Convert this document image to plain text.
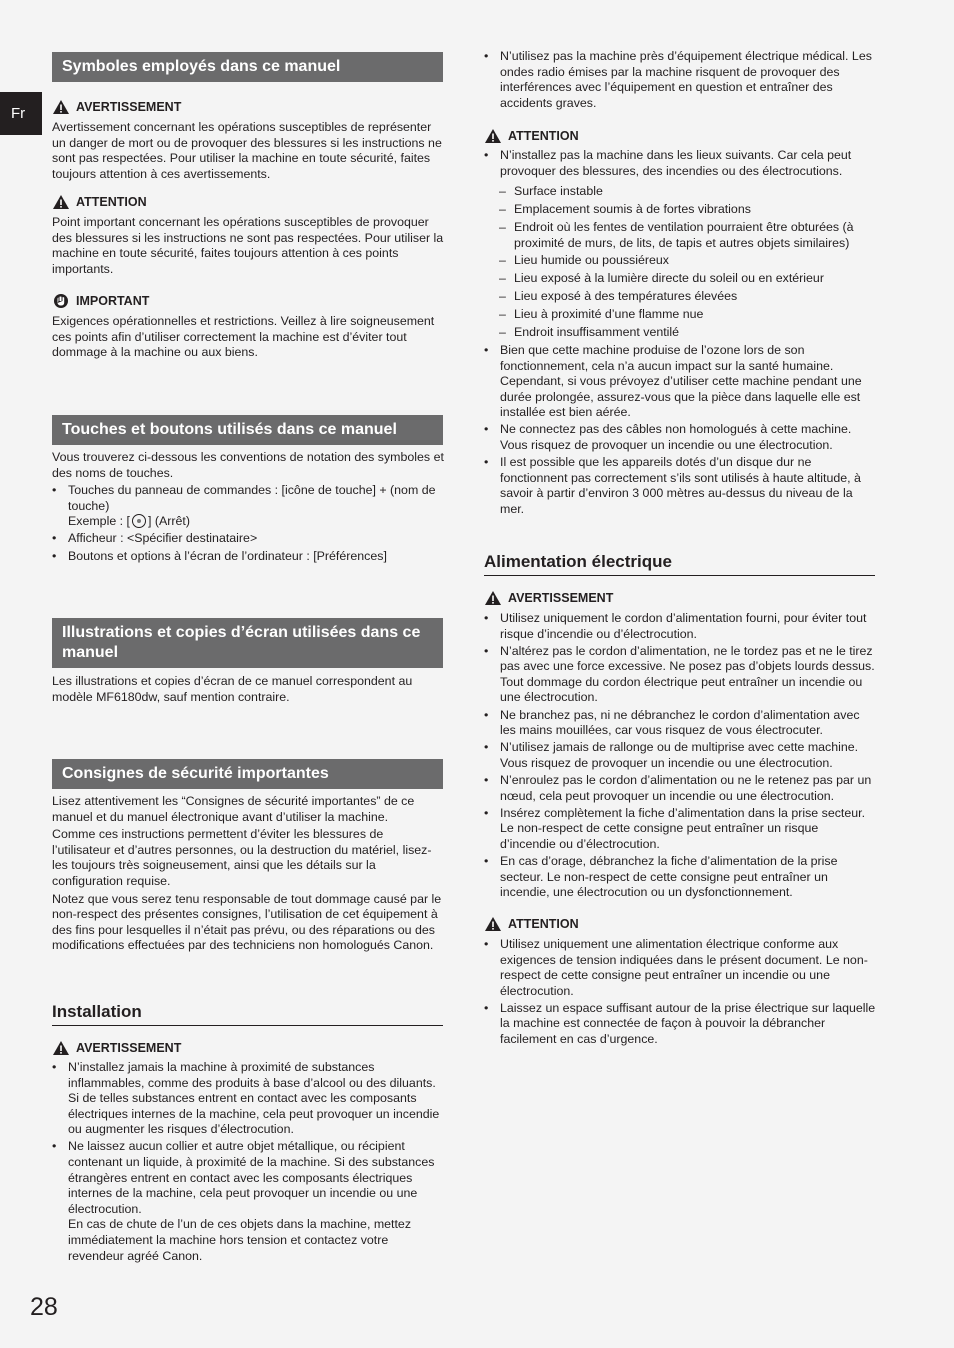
Fr
Symboles employés dans ce manuel
AVERTISSEMENT
Avertissement concernant les opérations susceptibles de représenter un danger de mort ou de provoquer des blessures si les instructions ne sont pas respectées. Pour utiliser la machine en toute sécurité, faites toujours attention à ces avertissements.
ATTENTION
Point important concernant les opérations susceptibles de provoquer des blessures si les instructions ne sont pas respectées. Pour utiliser la machine en toute sécurité, faites toujours attention à ces points importants.
IMPORTANT
Exigences opérationnelles et restrictions. Veillez à lire soigneusement ces points afin d’utiliser correctement la machine est d’éviter tout dommage à la machine ou aux biens.
Touches et boutons utilisés dans ce manuel

Vous trouverez ci-dessous les conventions de notation des symboles et des noms de touches.

• Touches du panneau de commandes : [icône de touche] + (nom de touche)
Exemple : [ ] (Arrêt)
• Afficheur : <Spécifier destinataire>
• Boutons et options à l’écran de l’ordinateur : [Préférences]
Illustrations et copies d’écran utilisées dans ce manuel
Les illustrations et copies d’écran de ce manuel correspondent au modèle MF6180dw, sauf mention contraire.
Consignes de sécurité importantes

Lisez attentivement les “Consignes de sécurité importantes” de ce manuel et du manuel électronique avant d’utiliser la machine.

Comme ces instructions permettent d’éviter les blessures de l’utilisateur et d’autres personnes, ou la destruction du matériel, lisez-les toujours très soigneusement, ainsi que les détails sur la configuration requise.

Notez que vous serez tenu responsable de tout dommage causé par le non-respect des présentes consignes, l’utilisation de cet équipement à des fins pour lesquelles il n’était pas prévu, ou des réparations ou des modifications effectuées par des techniciens non homologués Canon.

Installation
AVERTISSEMENT
• N’installez jamais la machine à proximité de substances inflammables, comme des produits à base d’alcool ou des diluants. Si de telles substances entrent en contact avec les composants électriques internes de la machine, cela peut provoquer un incendie ou augmenter les risques d’électrocution.
• Ne laissez aucun collier et autre objet métallique, ou récipient contenant un liquide, à proximité de la machine. Si des substances étrangères entrent en contact avec les composants électriques internes de la machine, cela peut provoquer un incendie ou une électrocution.
En cas de chute de l’un de ces objets dans la machine, mettez immédiatement la machine hors tension et contactez votre revendeur agréé Canon.
• N’utilisez pas la machine près d’équipement électrique médical. Les ondes radio émises par la machine risquent de provoquer des interférences avec l’équipement en question et entraîner des accidents graves.
ATTENTION
• N’installez pas la machine dans les lieux suivants. Car cela peut provoquer des blessures, des incendies ou des électrocutions.
– Surface instable
– Emplacement soumis à de fortes vibrations
– Endroit où les fentes de ventilation pourraient être obturées (à proximité de murs, de lits, de tapis et autres objets similaires)
– Lieu humide ou poussiéreux
– Lieu exposé à la lumière directe du soleil ou en extérieur
– Lieu exposé à des températures élevées
– Lieu à proximité d’une flamme nue
– Endroit insuffisamment ventilé
• Bien que cette machine produise de l’ozone lors de son fonctionnement, cela n’a aucun impact sur la santé humaine. Cependant, si vous prévoyez d’utiliser cette machine pendant une durée prolongée, assurez-vous que la pièce dans laquelle elle est installée est bien aérée.
• Ne connectez pas des câbles non homologués à cette machine. Vous risquez de provoquer un incendie ou une électrocution.
• Il est possible que les appareils dotés d’un disque dur ne fonctionnent pas correctement s’ils sont utilisés à haute altitude, à savoir à partir d’environ 3 000 mètres au-dessus du niveau de la mer.
Alimentation électrique
AVERTISSEMENT
• Utilisez uniquement le cordon d’alimentation fourni, pour éviter tout risque d’incendie ou d’électrocution.
• N’altérez pas le cordon d’alimentation, ne le tordez pas et ne le tirez pas avec une force excessive. Ne posez pas d’objets lourds dessus. Tout dommage du cordon électrique peut entraîner un incendie ou une électrocution.
• Ne branchez pas, ni ne débranchez le cordon d’alimentation avec les mains mouillées, car vous risquez de vous électrocuter.
• N’utilisez jamais de rallonge ou de multiprise avec cette machine. Vous risquez de provoquer un incendie ou une électrocution.
• N’enroulez pas le cordon d’alimentation ou ne le retenez pas par un nœud, cela peut provoquer un incendie ou une électrocution.
• Insérez complètement la fiche d’alimentation dans la prise secteur. Le non-respect de cette consigne peut entraîner un risque d’incendie ou d’électrocution.
• En cas d’orage, débranchez la fiche d’alimentation de la prise secteur. Le non-respect de cette consigne peut entraîner un incendie, une électrocution ou un dysfonctionnement.
ATTENTION
• Utilisez uniquement une alimentation électrique conforme aux exigences de tension indiquées dans le présent document. Le non-respect de cette consigne peut entraîner un incendie ou une électrocution.
• Laissez un espace suffisant autour de la prise électrique sur laquelle la machine est connectée de façon à pouvoir la débrancher facilement en cas d’urgence.
28
